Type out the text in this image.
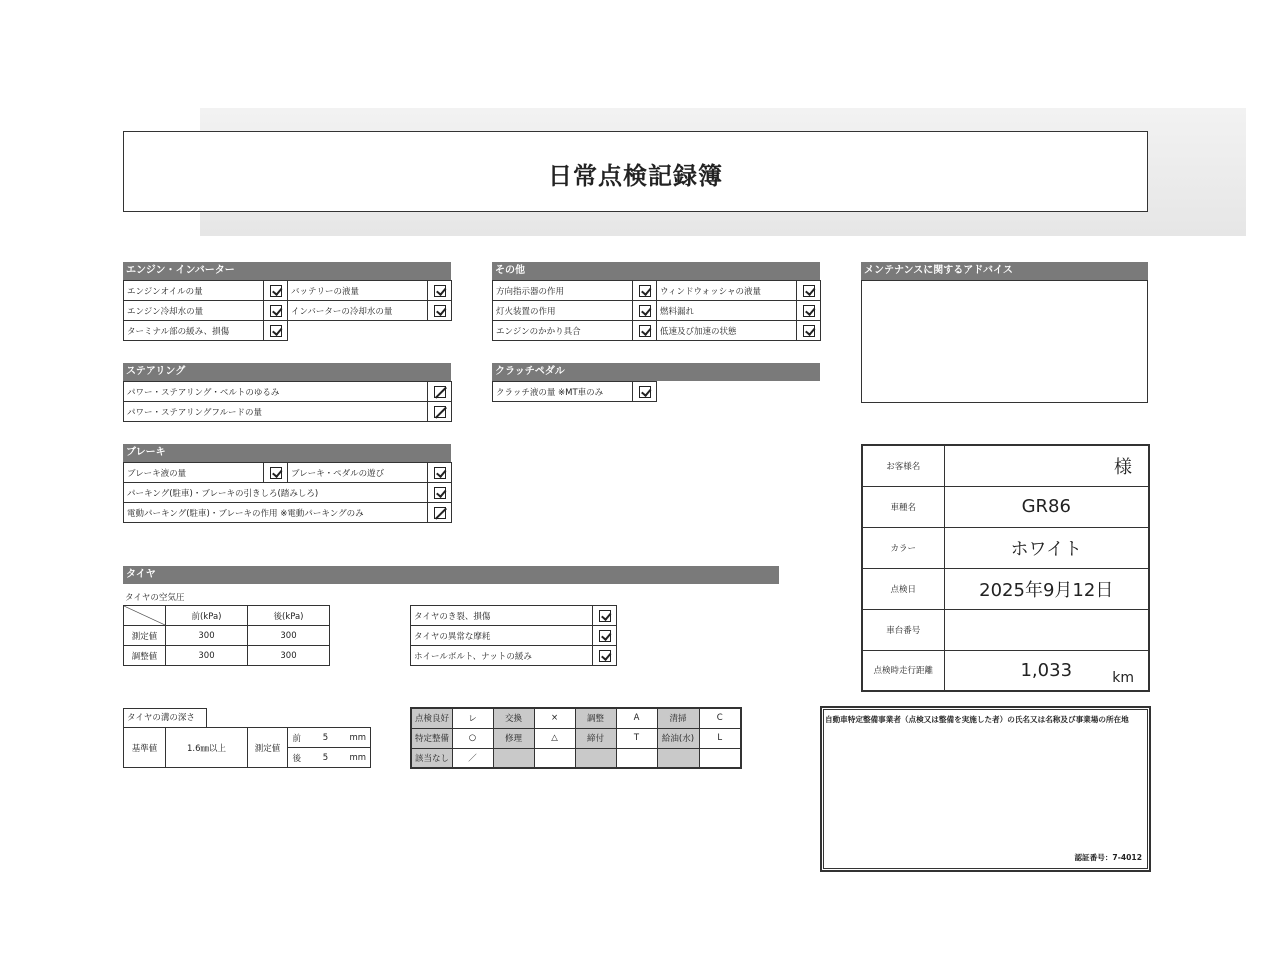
日常点検記録簿
エンジン・インバーター
エンジンオイルの量		バッテリーの液量	
エンジン冷却水の量		インバーターの冷却水の量	
ターミナル部の緩み、損傷			
ステアリング
パワー・ステアリング・ベルトのゆるみ	
パワー・ステアリングフルードの量	
ブレーキ
ブレーキ液の量		ブレーキ・ペダルの遊び	
パーキング(駐車)・ブレーキの引きしろ(踏みしろ)			
電動パーキング(駐車)・ブレーキの作用 ※電動パーキングのみ			
その他
方向指示器の作用		ウィンドウォッシャの液量	
灯火装置の作用		燃料漏れ	
エンジンのかかり具合		低速及び加速の状態	
クラッチペダル
クラッチ液の量 ※MT車のみ	
メンテナンスに関するアドバイス
お客様名	様
車種名	GR86
カラー	ホワイト
点検日	2025年9月12日
車台番号	
点検時走行距離	1,033 km
タイヤ
タイヤの空気圧
	前(kPa)	後(kPa)
測定値	300	300
調整値	300	300
タイヤのき裂、損傷	
タイヤの異常な摩耗	
ホイールボルト、ナットの緩み	
タイヤの溝の深さ
基準値	1.6㎜以上	測定値	前	5	mm
			後	5	mm
点検良好	レ	交換	×	調整	A	清掃	C
特定整備	○	修理	△	締付	T	給油(水)	L
該当なし	／						
自動車特定整備事業者（点検又は整備を実施した者）の氏名又は名称及び事業場の所在地
認証番号：7-4012
